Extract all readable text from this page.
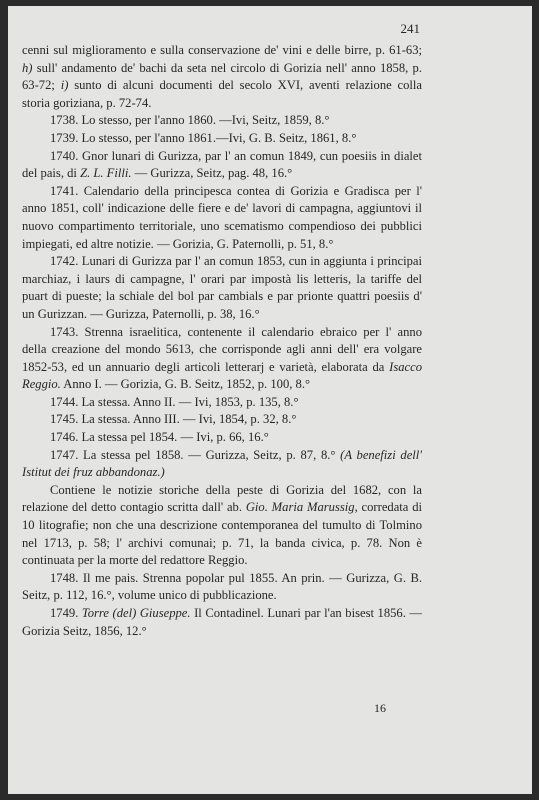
241

cenni sul miglioramento e sulla conservazione de' vini e delle birre, p. 61-63; h) sull' andamento de' bachi da seta nel circolo di Gorizia nell' anno 1858, p. 63-72; i) sunto di alcuni documenti del secolo XVI, aventi relazione colla storia goriziana, p. 72-74.

1738. Lo stesso, per l'anno 1860. —Ivi, Seitz, 1859, 8.°

1739. Lo stesso, per l'anno 1861.—Ivi, G. B. Seitz, 1861, 8.°

1740. Gnor lunari di Gurizza, par l' an comun 1849, cun poesiis in dialet del pais, di Z. L. Filli. — Gurizza, Seitz, pag. 48, 16.°

1741. Calendario della principesca contea di Gorizia e Gradisca per l' anno 1851, coll' indicazione delle fiere e de' lavori di campagna, aggiuntovi il nuovo compartimento territoriale, uno scematismo compendioso dei pubblici impiegati, ed altre notizie. — Gorizia, G. Paternolli, p. 51, 8.°

1742. Lunari di Gurizza par l' an comun 1853, cun in aggiunta i principai marchiaz, i laurs di campagne, l' orari par impostà lis letteris, la tariffe del puart di pueste; la schiale del bol par cambials e par prionte quattri poesiis d' un Gurizzan. — Gurizza, Paternolli, p. 38, 16.°

1743. Strenna israelitica, contenente il calendario ebraico per l' anno della creazione del mondo 5613, che corrisponde agli anni dell' era volgare 1852-53, ed un annuario degli articoli letterarj e varietà, elaborata da Isacco Reggio. Anno I. — Gorizia, G. B. Seitz, 1852, p. 100, 8.°

1744. La stessa. Anno II. — Ivi, 1853, p. 135, 8.°

1745. La stessa. Anno III. — Ivi, 1854, p. 32, 8.°

1746. La stessa pel 1854. — Ivi, p. 66, 16.°

1747. La stessa pel 1858. — Gurizza, Seitz, p. 87, 8.° (A benefizi dell' Istitut dei fruz abbandonaz.)

Contiene le notizie storiche della peste di Gorizia del 1682, con la relazione del detto contagio scritta dall' ab. Gio. Maria Marussig, corredata di 10 litografie; non che una descrizione contemporanea del tumulto di Tolmino nel 1713, p. 58; l' archivi comunai; p. 71, la banda civica, p. 78. Non è continuata per la morte del redattore Reggio.

1748. Il me pais. Strenna popolar pul 1855. An prin. — Gurizza, G. B. Seitz, p. 112, 16.°, volume unico di pubblicazione.

1749. Torre (del) Giuseppe. Il Contadinel. Lunari par l'an bisest 1856. — Gorizia Seitz, 1856, 12.°

16
